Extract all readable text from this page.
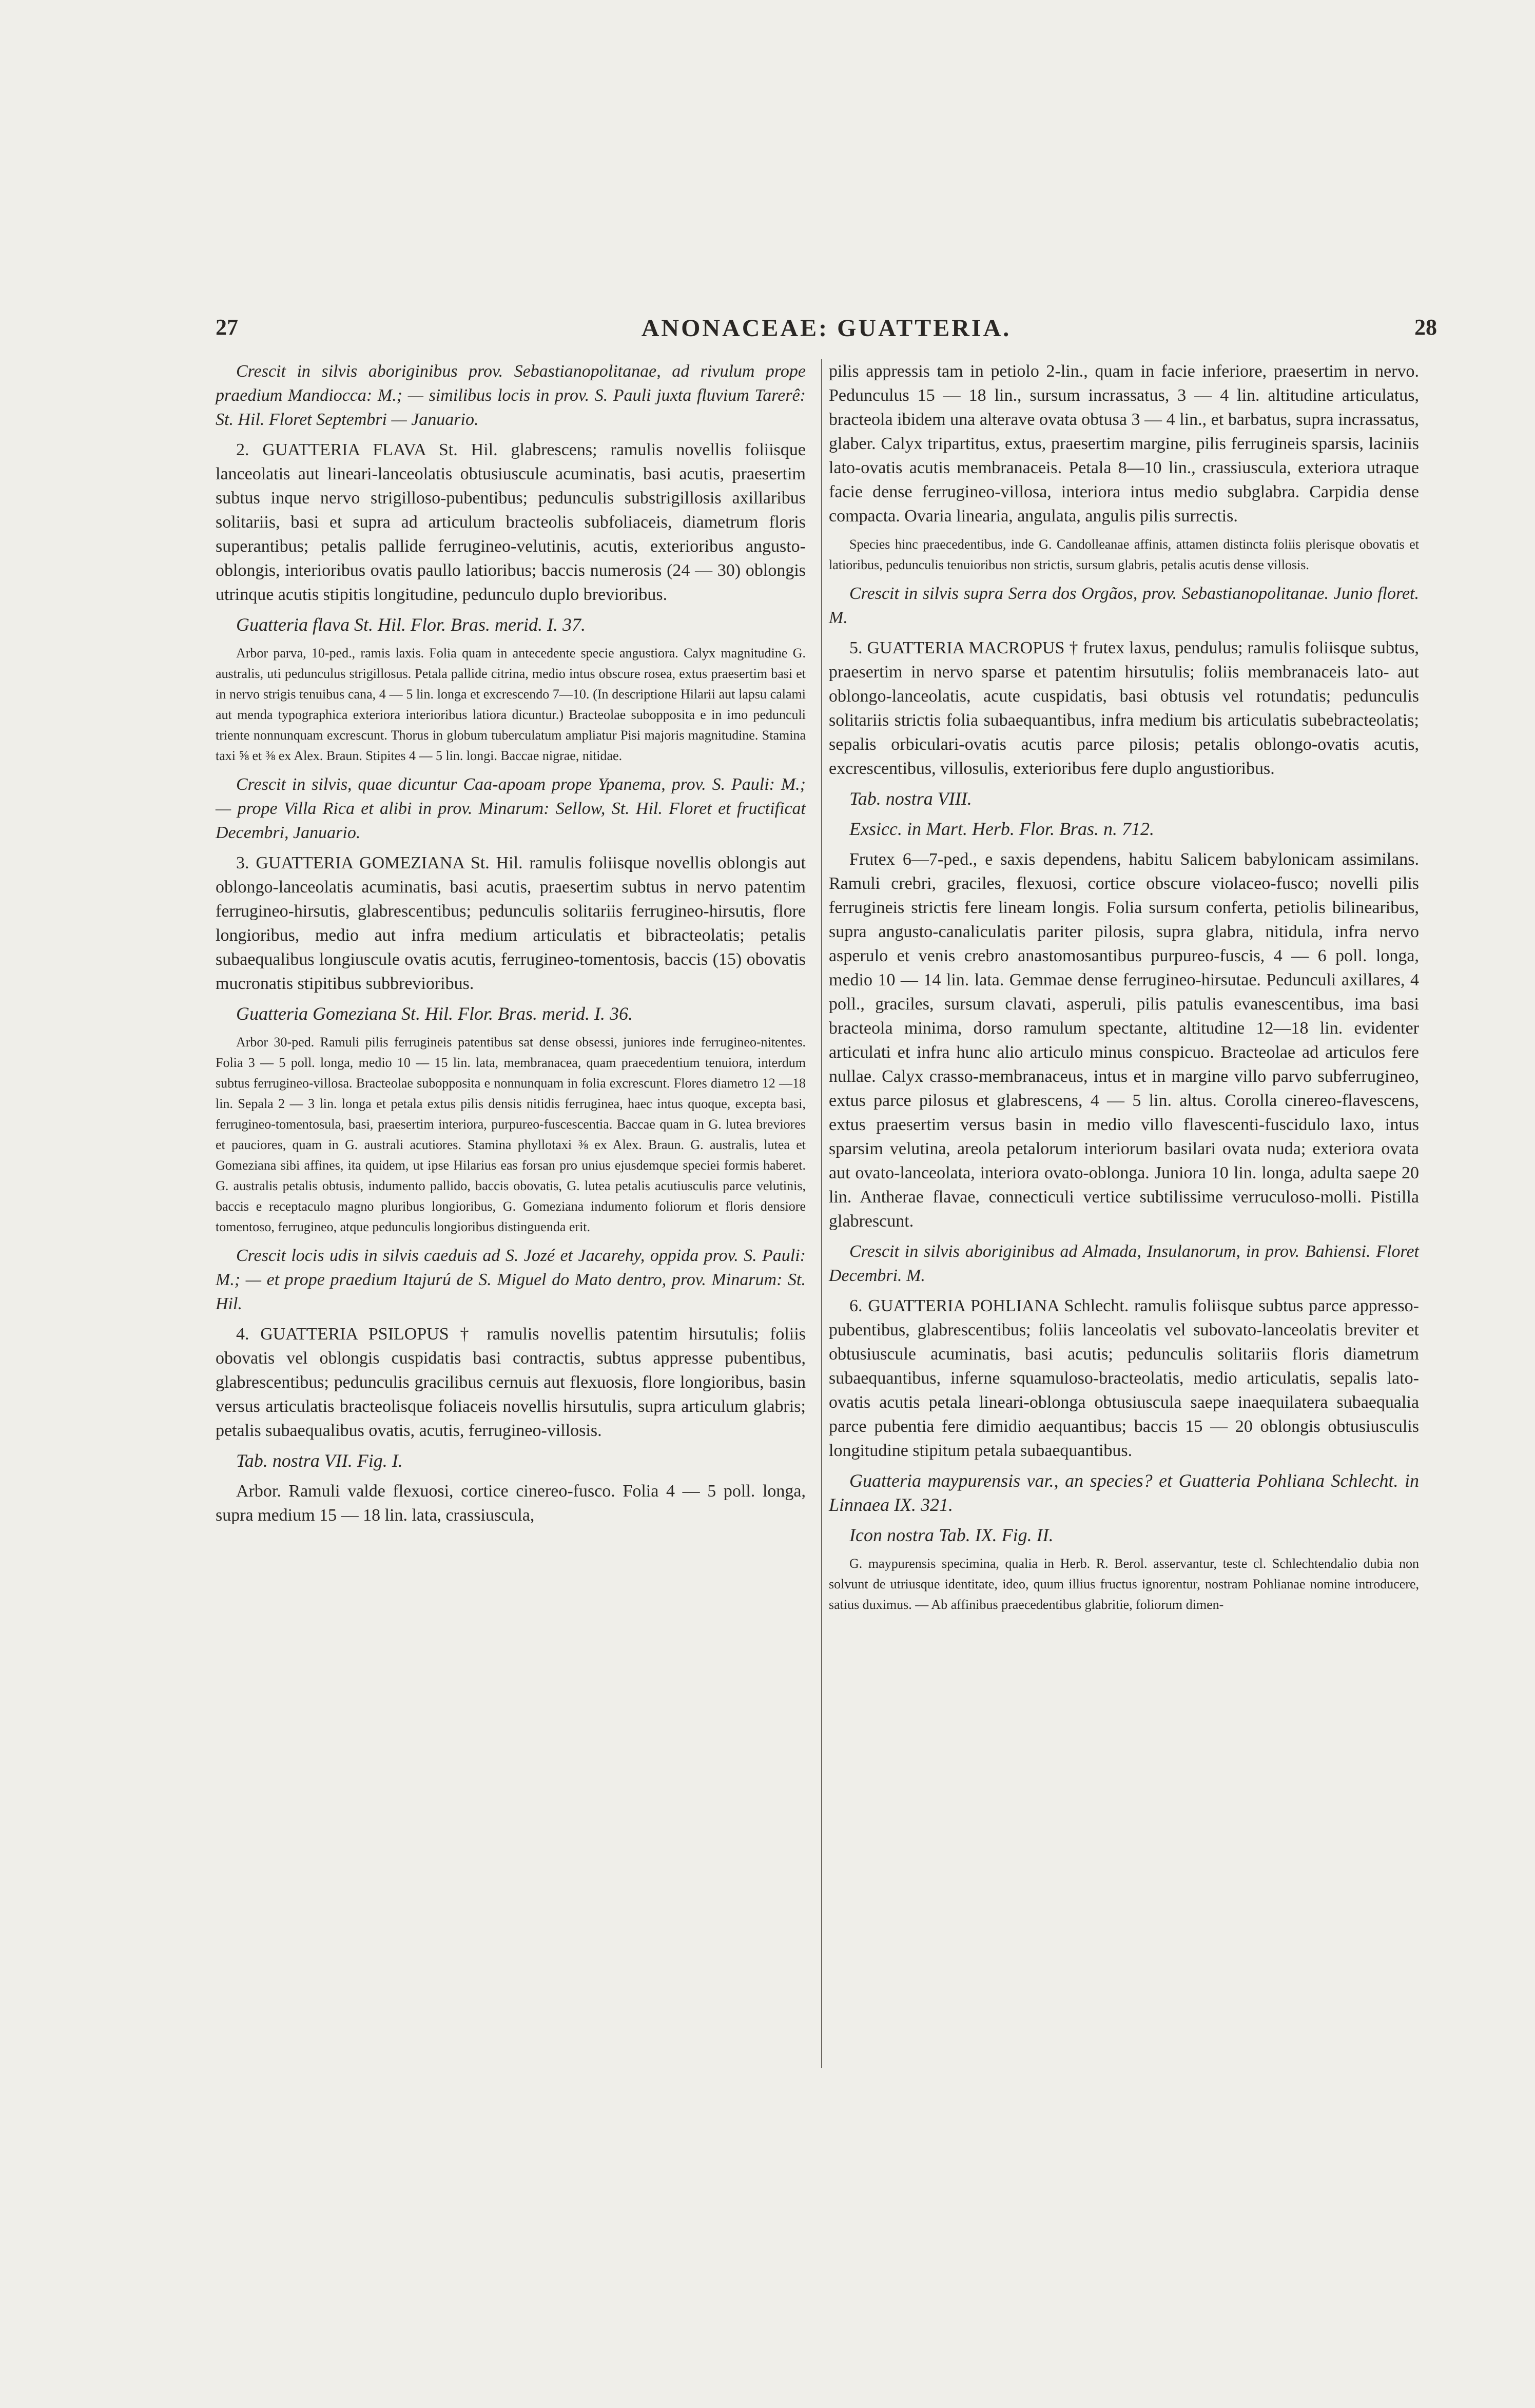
27	ANONACEAE: GUATTERIA.	28

Crescit in silvis aboriginibus prov. Sebastianopolitanae, ad rivulum prope praedium Mandiocca: M.; — similibus locis in prov. S. Pauli juxta fluvium Tarerê: St. Hil. Floret Septembri — Januario.

2. GUATTERIA FLAVA St. Hil. glabrescens; ramulis novellis foliisque lanceolatis aut lineari-lanceolatis obtusiuscule acuminatis, basi acutis, praesertim subtus inque nervo strigilloso-pubentibus; pedunculis substrigillosis axillaribus solitariis, basi et supra ad articulum bracteolis subfoliaceis, diametrum floris superantibus; petalis pallide ferrugineo-velutinis, acutis, exterioribus angusto-oblongis, interioribus ovatis paullo latioribus; baccis numerosis (24 — 30) oblongis utrinque acutis stipitis longitudine, pedunculo duplo brevioribus.

Guatteria flava St. Hil. Flor. Bras. merid. I. 37.

Arbor parva, 10-ped., ramis laxis. Folia quam in antecedente specie angustiora. Calyx magnitudine G. australis, uti pedunculus strigillosus. Petala pallide citrina, medio intus obscure rosea, extus praesertim basi et in nervo strigis tenuibus cana, 4 — 5 lin. longa et excrescendo 7—10. (In descriptione Hilarii aut lapsu calami aut menda typographica exteriora interioribus latiora dicuntur.) Bracteolae subopposita e in imo pedunculi triente nonnunquam excrescunt. Thorus in globum tuberculatum ampliatur Pisi majoris magnitudine. Stamina taxi ⅝ et ⅜ ex Alex. Braun. Stipites 4 — 5 lin. longi. Baccae nigrae, nitidae.

Crescit in silvis, quae dicuntur Caa-apoam prope Ypanema, prov. S. Pauli: M.; — prope Villa Rica et alibi in prov. Minarum: Sellow, St. Hil. Floret et fructificat Decembri, Januario.

3. GUATTERIA GOMEZIANA St. Hil. ramulis foliisque novellis oblongis aut oblongo-lanceolatis acuminatis, basi acutis, praesertim subtus in nervo patentim ferrugineo-hirsutis, glabrescentibus; pedunculis solitariis ferrugineo-hirsutis, flore longioribus, medio aut infra medium articulatis et bibracteolatis; petalis subaequalibus longiuscule ovatis acutis, ferrugineo-tomentosis, baccis (15) obovatis mucronatis stipitibus subbrevioribus.

Guatteria Gomeziana St. Hil. Flor. Bras. merid. I. 36.

Arbor 30-ped. Ramuli pilis ferrugineis patentibus sat dense obsessi, juniores inde ferrugineo-nitentes. Folia 3 — 5 poll. longa, medio 10 — 15 lin. lata, membranacea, quam praecedentium tenuiora, interdum subtus ferrugineo-villosa. Bracteolae subopposita e nonnunquam in folia excrescunt. Flores diametro 12 —18 lin. Sepala 2 — 3 lin. longa et petala extus pilis densis nitidis ferruginea, haec intus quoque, excepta basi, ferrugineo-tomentosula, basi, praesertim interiora, purpureo-fuscescentia. Baccae quam in G. lutea breviores et pauciores, quam in G. australi acutiores. Stamina phyllotaxi ⅜ ex Alex. Braun. G. australis, lutea et Gomeziana sibi affines, ita quidem, ut ipse Hilarius eas forsan pro unius ejusdemque speciei formis haberet. G. australis petalis obtusis, indumento pallido, baccis obovatis, G. lutea petalis acutiusculis parce velutinis, baccis e receptaculo magno pluribus longioribus, G. Gomeziana indumento foliorum et floris densiore tomentoso, ferrugineo, atque pedunculis longioribus distinguenda erit.

Crescit locis udis in silvis caeduis ad S. Jozé et Jacarehy, oppida prov. S. Pauli: M.; — et prope praedium Itajurú de S. Miguel do Mato dentro, prov. Minarum: St. Hil.

4. GUATTERIA PSILOPUS † ramulis novellis patentim hirsutulis; foliis obovatis vel oblongis cuspidatis basi contractis, subtus appresse pubentibus, glabrescentibus; pedunculis gracilibus cernuis aut flexuosis, flore longioribus, basin versus articulatis bracteolisque foliaceis novellis hirsutulis, supra articulum glabris; petalis subaequalibus ovatis, acutis, ferrugineo-villosis.

Tab. nostra VII. Fig. I.

Arbor. Ramuli valde flexuosi, cortice cinereo-fusco. Folia 4 — 5 poll. longa, supra medium 15 — 18 lin. lata, crassiuscula,

pilis appressis tam in petiolo 2-lin., quam in facie inferiore, praesertim in nervo. Pedunculus 15 — 18 lin., sursum incrassatus, 3 — 4 lin. altitudine articulatus, bracteola ibidem una alterave ovata obtusa 3 — 4 lin., et barbatus, supra incrassatus, glaber. Calyx tripartitus, extus, praesertim margine, pilis ferrugineis sparsis, laciniis lato-ovatis acutis membranaceis. Petala 8—10 lin., crassiuscula, exteriora utraque facie dense ferrugineo-villosa, interiora intus medio subglabra. Carpidia dense compacta. Ovaria linearia, angulata, angulis pilis surrectis.

Species hinc praecedentibus, inde G. Candolleanae affinis, attamen distincta foliis plerisque obovatis et latioribus, pedunculis tenuioribus non strictis, sursum glabris, petalis acutis dense villosis.

Crescit in silvis supra Serra dos Orgãos, prov. Sebastianopolitanae. Junio floret. M.

5. GUATTERIA MACROPUS † frutex laxus, pendulus; ramulis foliisque subtus, praesertim in nervo sparse et patentim hirsutulis; foliis membranaceis lato- aut oblongo-lanceolatis, acute cuspidatis, basi obtusis vel rotundatis; pedunculis solitariis strictis folia subaequantibus, infra medium bis articulatis subebracteolatis; sepalis orbiculari-ovatis acutis parce pilosis; petalis oblongo-ovatis acutis, excrescentibus, villosulis, exterioribus fere duplo angustioribus.

Tab. nostra VIII.

Exsicc. in Mart. Herb. Flor. Bras. n. 712.

Frutex 6—7-ped., e saxis dependens, habitu Salicem babylonicam assimilans. Ramuli crebri, graciles, flexuosi, cortice obscure violaceo-fusco; novelli pilis ferrugineis strictis fere lineam longis. Folia sursum conferta, petiolis bilinearibus, supra angusto-canaliculatis pariter pilosis, supra glabra, nitidula, infra nervo asperulo et venis crebro anastomosantibus purpureo-fuscis, 4 — 6 poll. longa, medio 10 — 14 lin. lata. Gemmae dense ferrugineo-hirsutae. Pedunculi axillares, 4 poll., graciles, sursum clavati, asperuli, pilis patulis evanescentibus, ima basi bracteola minima, dorso ramulum spectante, altitudine 12—18 lin. evidenter articulati et infra hunc alio articulo minus conspicuo. Bracteolae ad articulos fere nullae. Calyx crasso-membranaceus, intus et in margine villo parvo subferrugineo, extus parce pilosus et glabrescens, 4 — 5 lin. altus. Corolla cinereo-flavescens, extus praesertim versus basin in medio villo flavescenti-fuscidulo laxo, intus sparsim velutina, areola petalorum interiorum basilari ovata nuda; exteriora ovata aut ovato-lanceolata, interiora ovato-oblonga. Juniora 10 lin. longa, adulta saepe 20 lin. Antherae flavae, connecticuli vertice subtilissime verruculoso-molli. Pistilla glabrescunt.

Crescit in silvis aboriginibus ad Almada, Insulanorum, in prov. Bahiensi. Floret Decembri. M.

6. GUATTERIA POHLIANA Schlecht. ramulis foliisque subtus parce appresso-pubentibus, glabrescentibus; foliis lanceolatis vel subovato-lanceolatis breviter et obtusiuscule acuminatis, basi acutis; pedunculis solitariis floris diametrum subaequantibus, inferne squamuloso-bracteolatis, medio articulatis, sepalis lato-ovatis acutis petala lineari-oblonga obtusiuscula saepe inaequilatera subaequalia parce pubentia fere dimidio aequantibus; baccis 15 — 20 oblongis obtusiusculis longitudine stipitum petala subaequantibus.

Guatteria maypurensis var., an species? et Guatteria Pohliana Schlecht. in Linnaea IX. 321.

Icon nostra Tab. IX. Fig. II.

G. maypurensis specimina, qualia in Herb. R. Berol. asservantur, teste cl. Schlechtendalio dubia non solvunt de utriusque identitate, ideo, quum illius fructus ignorentur, nostram Pohlianae nomine introducere, satius duximus. — Ab affinibus praecedentibus glabritie, foliorum dimen-
